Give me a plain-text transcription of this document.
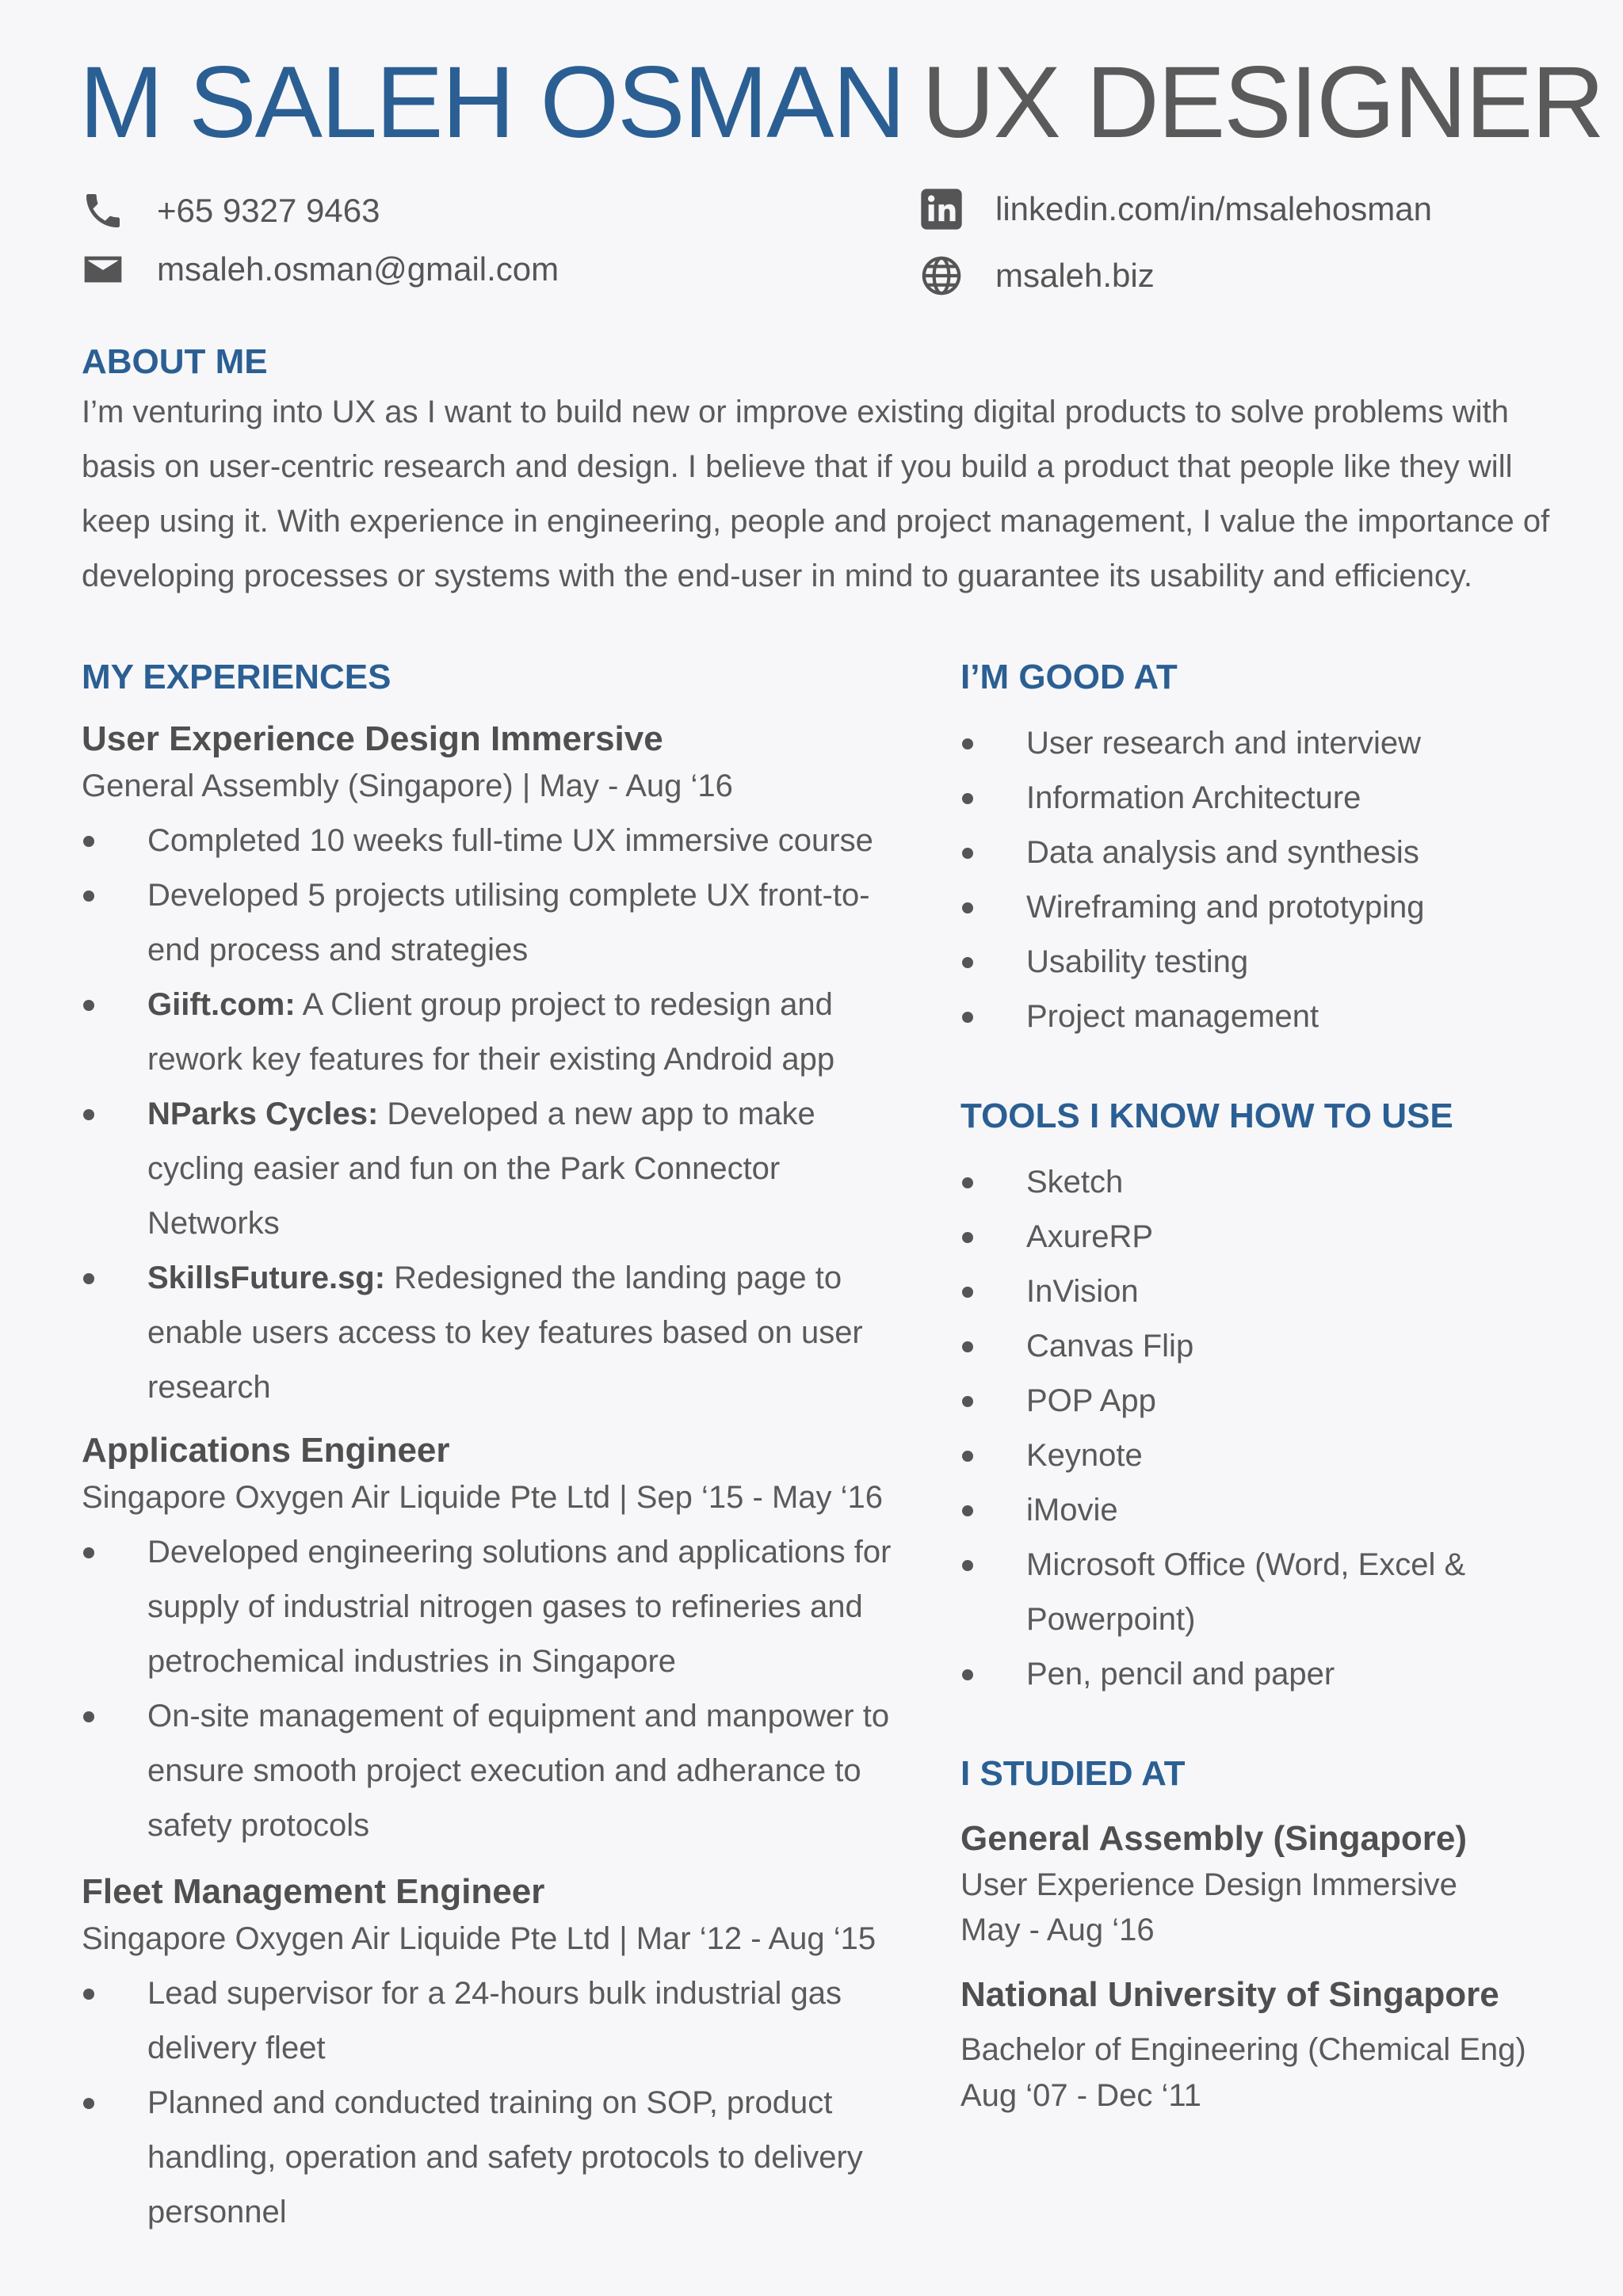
M SALEH OSMAN UX DESIGNER
+65 9327 9463
msaleh.osman@gmail.com
linkedin.com/in/msalehosman
msaleh.biz
ABOUT ME
I’m venturing into UX as I want to build new or improve existing digital products to solve problems with basis on user-centric research and design. I believe that if you build a product that people like they will keep using it. With experience in engineering, people and project management, I value the importance of developing processes or systems with the end-user in mind to guarantee its usability and efficiency.
MY EXPERIENCES
User Experience Design Immersive
General Assembly (Singapore) | May - Aug ‘16
Completed 10 weeks full-time UX immersive course
Developed 5 projects utilising complete UX front-to-end process and strategies
Giift.com: A Client group project to redesign and rework key features for their existing Android app
NParks Cycles: Developed a new app to make cycling easier and fun on the Park Connector Networks
SkillsFuture.sg: Redesigned the landing page to enable users access to key features based on user research
Applications Engineer
Singapore Oxygen Air Liquide Pte Ltd | Sep ‘15 - May ‘16
Developed engineering solutions and applications for supply of industrial nitrogen gases to refineries and petrochemical industries in Singapore
On-site management of equipment and manpower to ensure smooth project execution and adherance to safety protocols
Fleet Management Engineer
Singapore Oxygen Air Liquide Pte Ltd | Mar ‘12 - Aug ‘15
Lead supervisor for a 24-hours bulk industrial gas delivery fleet
Planned and conducted training on SOP, product handling, operation and safety protocols to delivery personnel
I’M GOOD AT
User research and interview
Information Architecture
Data analysis and synthesis
Wireframing and prototyping
Usability testing
Project management
TOOLS I KNOW HOW TO USE
Sketch
AxureRP
InVision
Canvas Flip
POP App
Keynote
iMovie
Microsoft Office (Word, Excel & Powerpoint)
Pen, pencil and paper
I STUDIED AT
General Assembly (Singapore)
User Experience Design Immersive
May - Aug ‘16
National University of Singapore
Bachelor of Engineering (Chemical Eng)
Aug ‘07 - Dec ‘11
